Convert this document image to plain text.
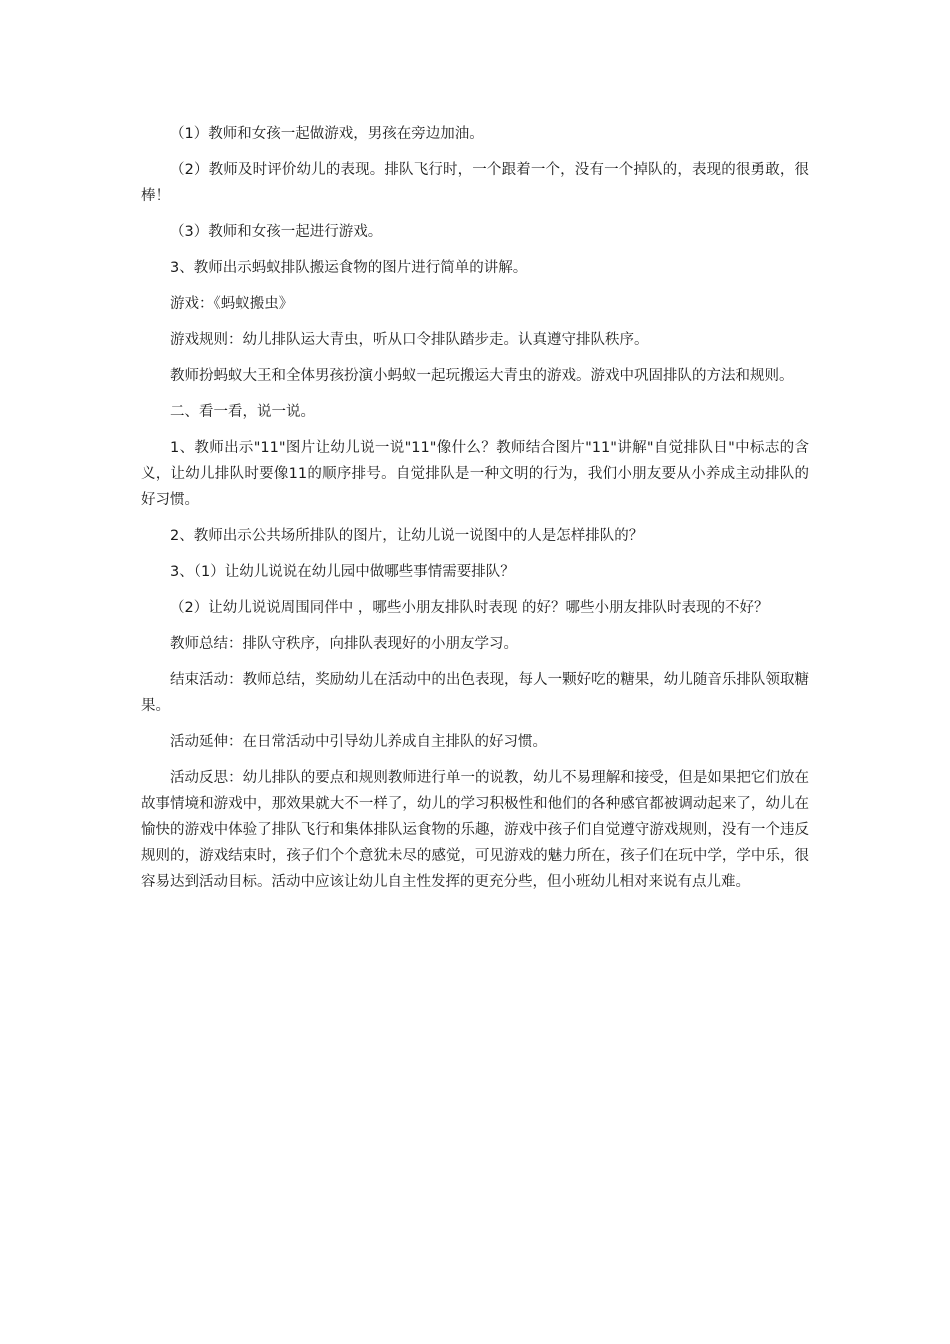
（1）教师和女孩一起做游戏，男孩在旁边加油。

（2）教师及时评价幼儿的表现。排队飞行时，一个跟着一个，没有一个掉队的，表现的很勇敢，很棒！

（3）教师和女孩一起进行游戏。

3、教师出示蚂蚁排队搬运食物的图片进行简单的讲解。

游戏：《蚂蚁搬虫》

游戏规则：幼儿排队运大青虫，听从口令排队踏步走。认真遵守排队秩序。

教师扮蚂蚁大王和全体男孩扮演小蚂蚁一起玩搬运大青虫的游戏。游戏中巩固排队的方法和规则。

二、看一看，说一说。

1、教师出示"11"图片让幼儿说一说"11"像什么？教师结合图片"11"讲解"自觉排队日"中标志的含义，让幼儿排队时要像11的顺序排号。自觉排队是一种文明的行为，我们小朋友要从小养成主动排队的好习惯。

2、教师出示公共场所排队的图片，让幼儿说一说图中的人是怎样排队的？

3、（1）让幼儿说说在幼儿园中做哪些事情需要排队？

（2）让幼儿说说周围同伴中 ，哪些小朋友排队时表现 的好？哪些小朋友排队时表现的不好？

教师总结：排队守秩序，向排队表现好的小朋友学习。

结束活动：教师总结，奖励幼儿在活动中的出色表现，每人一颗好吃的糖果，幼儿随音乐排队领取糖果。

活动延伸：在日常活动中引导幼儿养成自主排队的好习惯。

活动反思：幼儿排队的要点和规则教师进行单一的说教，幼儿不易理解和接受，但是如果把它们放在故事情境和游戏中，那效果就大不一样了，幼儿的学习积极性和他们的各种感官都被调动起来了，幼儿在愉快的游戏中体验了排队飞行和集体排队运食物的乐趣，游戏中孩子们自觉遵守游戏规则，没有一个违反规则的，游戏结束时，孩子们个个意犹未尽的感觉，可见游戏的魅力所在，孩子们在玩中学，学中乐，很容易达到活动目标。活动中应该让幼儿自主性发挥的更充分些，但小班幼儿相对来说有点儿难。
